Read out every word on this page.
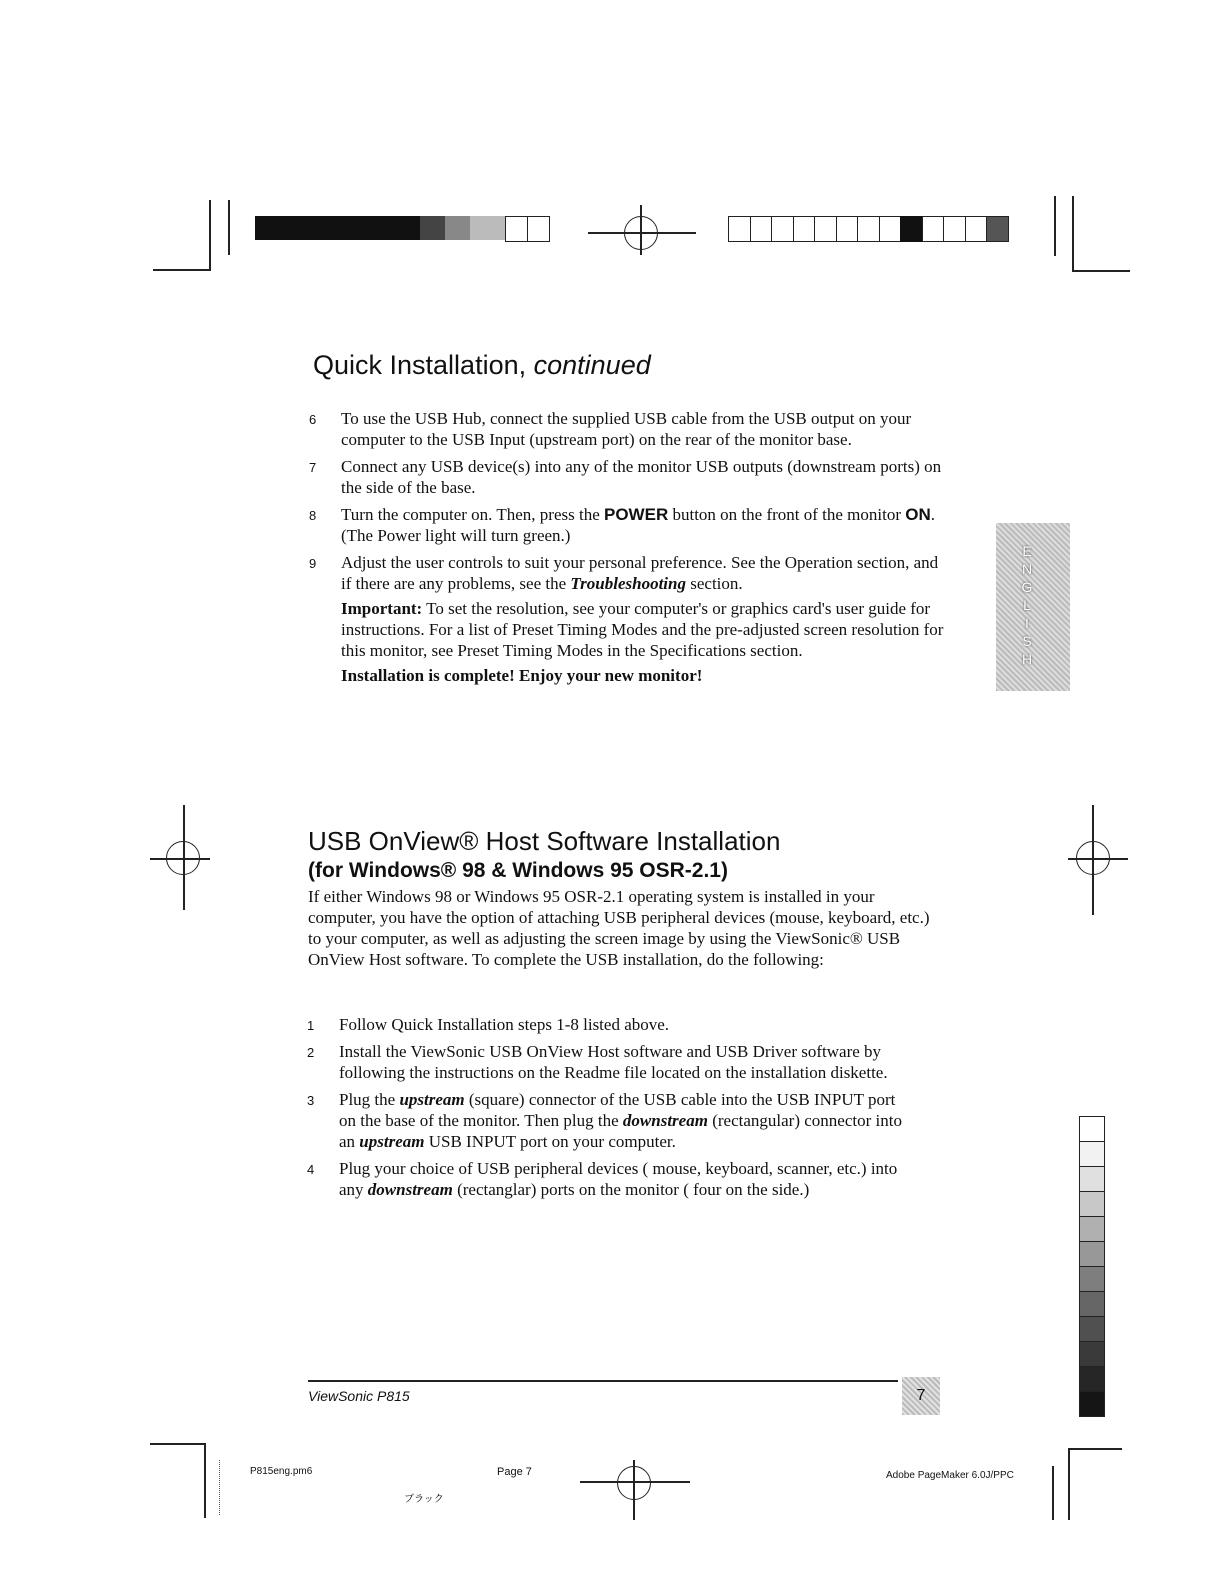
Quick Installation, continued
6	To use the USB Hub, connect the supplied USB cable from the USB output on your computer to the USB Input (upstream port) on the rear of the monitor base.
7	Connect any USB device(s) into any of the monitor USB outputs (downstream ports) on the side of the base.
8	Turn the computer on. Then, press the POWER button on the front of the monitor ON. (The Power light will turn green.)
9	Adjust the user controls to suit your personal preference. See the Operation section, and if there are any problems, see the Troubleshooting section.
Important: To set the resolution, see your computer's or graphics card's user guide for instructions. For a list of Preset Timing Modes and the pre-adjusted screen resolution for this monitor, see Preset Timing Modes in the Specifications section.
Installation is complete! Enjoy your new monitor!
E
N
G
L
I
S
H
USB OnView® Host Software Installation
(for Windows® 98 & Windows 95 OSR-2.1)
If either Windows 98 or Windows 95 OSR-2.1 operating system is installed in your computer, you have the option of attaching USB peripheral devices (mouse, keyboard, etc.) to your computer, as well as adjusting the screen image by using the ViewSonic® USB OnView Host software. To complete the USB installation, do the following:
1	Follow Quick Installation steps 1-8 listed above.
2	Install the ViewSonic USB OnView Host software and USB Driver software by following the instructions on the Readme file located on the installation diskette.
3	Plug the upstream (square) connector of the USB cable into the USB INPUT port on the base of the monitor. Then plug the downstream (rectangular) connector into an upstream USB INPUT port on your computer.
4	Plug your choice of USB peripheral devices ( mouse, keyboard, scanner, etc.) into any downstream (rectanglar) ports on the monitor ( four on the side.)
ViewSonic P815	7
P815eng.pm6	Page 7
ブラック
Adobe PageMaker 6.0J/PPC
